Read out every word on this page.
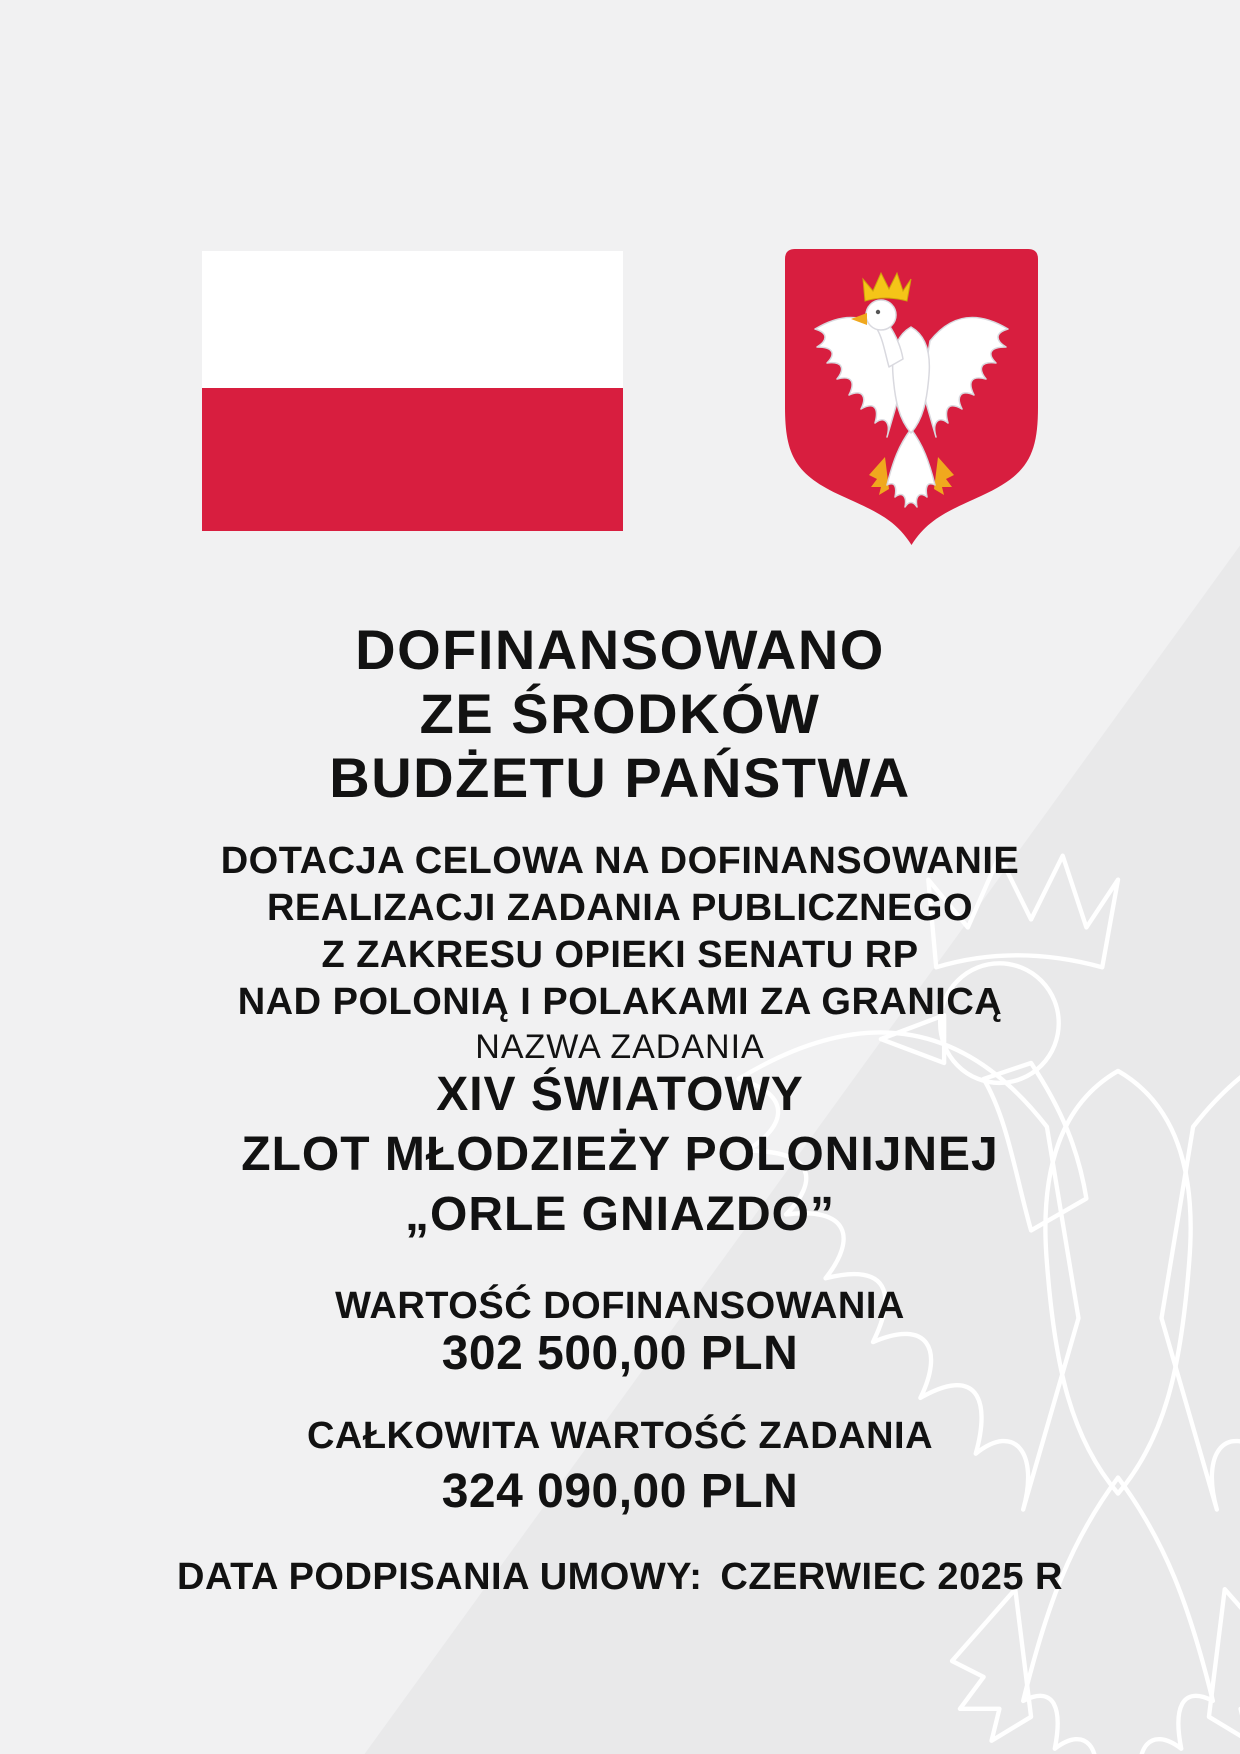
DOFINANSOWANO
ZE ŚRODKÓW
BUDŻETU PAŃSTWA
DOTACJA CELOWA NA DOFINANSOWANIE
REALIZACJI ZADANIA PUBLICZNEGO
Z ZAKRESU OPIEKI SENATU RP
NAD POLONIĄ I POLAKAMI ZA GRANICĄ
NAZWA ZADANIA
XIV ŚWIATOWY
ZLOT MŁODZIEŻY POLONIJNEJ
„ORLE GNIAZDO”
WARTOŚĆ DOFINANSOWANIA
302 500,00 PLN
CAŁKOWITA WARTOŚĆ ZADANIA
324 090,00 PLN
DATA PODPISANIA UMOWY: CZERWIEC 2025 R
